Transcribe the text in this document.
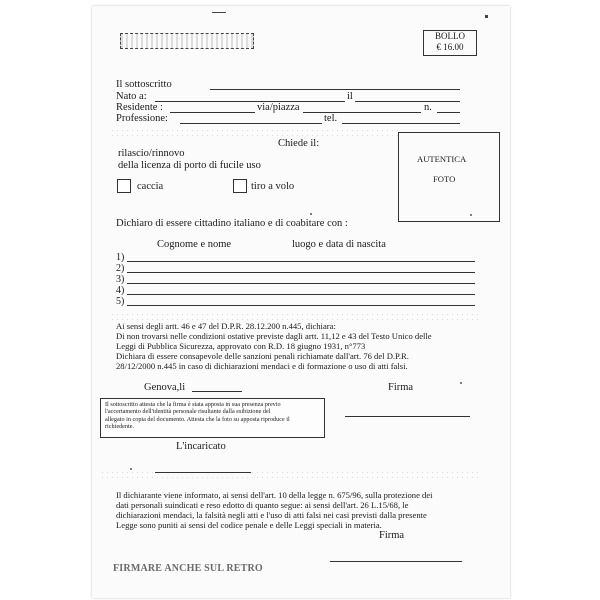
BOLLO
€ 16.00
Il sottoscritto
Nato a:	il
Residente :	via/piazza	n.
Professione:	tel.
Chiede il:
rilascio/rinnovo
della licenza di porto di fucile uso
caccia	tiro a volo
AUTENTICA
FOTO
Dichiaro di essere cittadino italiano e di coabitare con :
Cognome e nome	luogo e data di nascita
1)
2)
3)
4)
5)
Ai sensi degli artt. 46 e 47 del D.P.R. 28.12.200 n.445, dichiara:
Di non trovarsi nelle condizioni ostative previste dagli artt. 11,12 e 43 del Testo Unico delle
Leggi di Pubblica Sicurezza, approvato con R.D. 18 giugno 1931, n°773
Dichiara di essere consapevole delle sanzioni penali richiamate dall'art. 76 del D.P.R.
28/12/2000 n.445 in caso di dichiarazioni mendaci e di formazione o uso di atti falsi.
Genova,li	Firma
Il sottoscritto attesta che la firma è stata apposta in sua presenza previo
l'accertamento dell'identità personale risultante dalla esibizione del
allegato in copia del documento. Attesta che la foto su apposta riproduce il
richiedente.
L'incaricato
Il dichiarante viene informato, ai sensi dell'art. 10 della legge n. 675/96, sulla protezione dei
dati personali suindicati e reso edotto di quanto segue: ai sensi dell'art. 26 L.15/68, le
dichiarazioni mendaci, la falsità negli atti e l'uso di atti falsi nei casi previsti dalla presente
Legge sono puniti ai sensi del codice penale e delle Leggi speciali in materia.
Firma
FIRMARE ANCHE SUL RETRO
